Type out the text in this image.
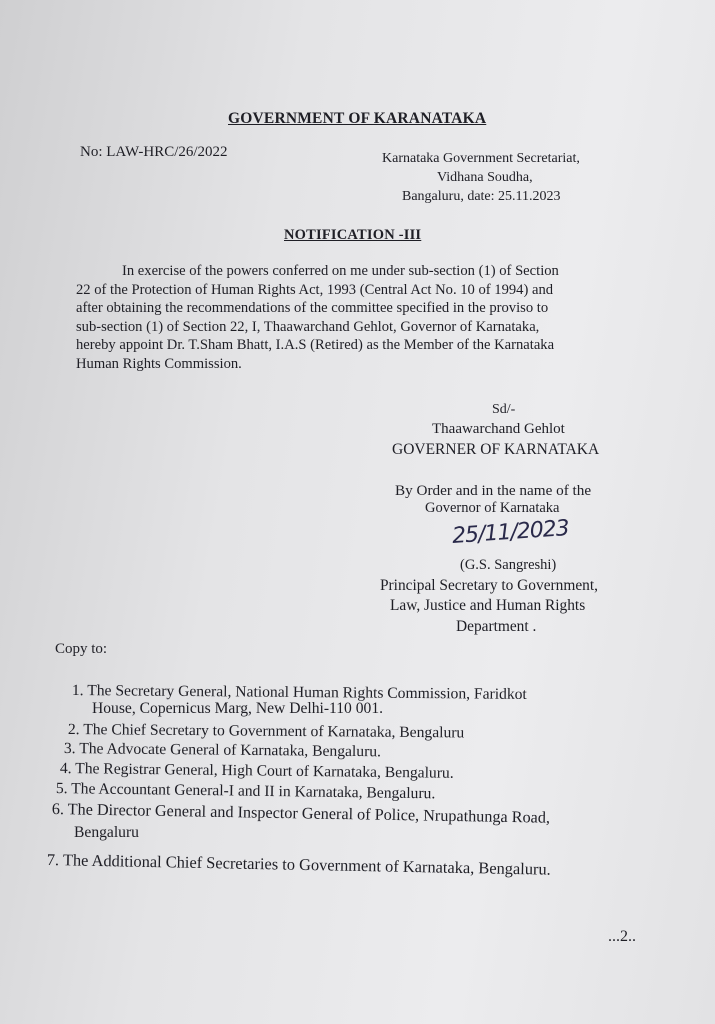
GOVERNMENT OF KARANATAKA
No: LAW-HRC/26/2022	Karnataka Government Secretariat,
Vidhana Soudha,
Bangaluru, date: 25.11.2023
NOTIFICATION -III
In exercise of the powers conferred on me under sub-section (1) of Section
22 of the Protection of Human Rights Act, 1993 (Central Act No. 10 of 1994) and
after obtaining the recommendations of the committee specified in the proviso to
sub-section (1) of Section 22, I, Thaawarchand Gehlot, Governor of Karnataka,
hereby appoint Dr. T.Sham Bhatt, I.A.S (Retired) as the Member of the Karnataka
Human Rights Commission.
Sd/-
Thaawarchand Gehlot
GOVERNER OF KARNATAKA
By Order and in the name of the
Governor of Karnataka
25/11/2023
(G.S. Sangreshi)
Principal Secretary to Government,
Law, Justice and Human Rights
Department .
Copy to:
1. The Secretary General, National Human Rights Commission, Faridkot
House, Copernicus Marg, New Delhi-110 001.
2. The Chief Secretary to Government of Karnataka, Bengaluru
3. The Advocate General of Karnataka, Bengaluru.
4. The Registrar General, High Court of Karnataka, Bengaluru.
5. The Accountant General-I and II in Karnataka, Bengaluru.
6. The Director General and Inspector General of Police, Nrupathunga Road,
Bengaluru
7. The Additional Chief Secretaries to Government of Karnataka, Bengaluru.
...2..
